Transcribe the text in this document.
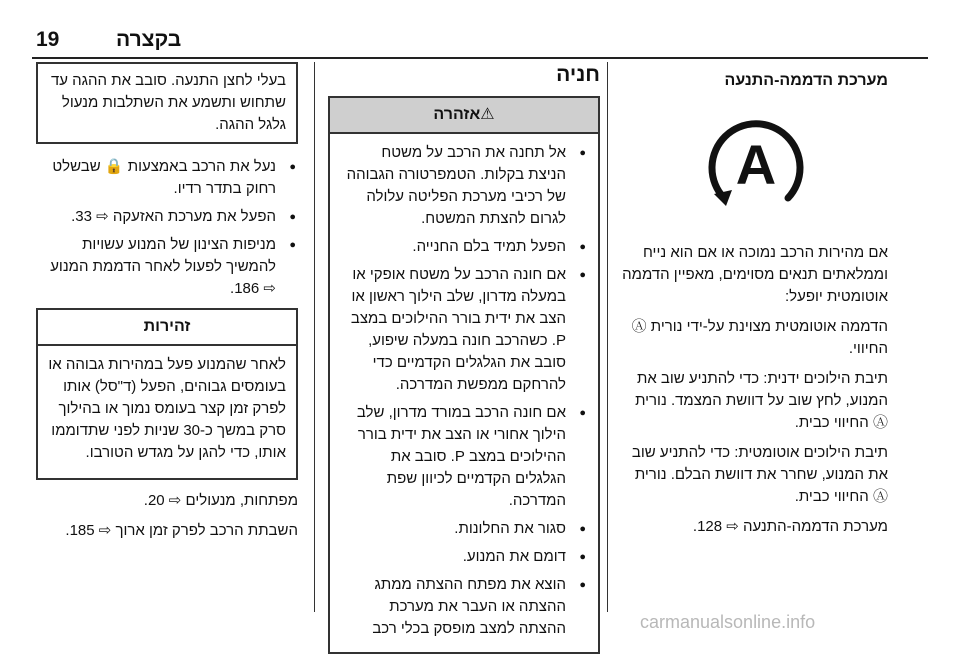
19	בקצרה
מערכת הדממה-התנעה
A

אם מהירות הרכב נמוכה או אם הוא נייח וממלאתים תנאים מסוימים, מאפיין הדממה אוטומטית יופעל:

הדממה אוטומטית מצוינת על-ידי נורית Ⓐ החיווי.

תיבת הילוכים ידנית: כדי להתניע שוב את המנוע, לחץ שוב על דוושת המצמד. נורית Ⓐ החיווי כבית.

תיבת הילוכים אוטומטית: כדי להתניע שוב את המנוע, שחרר את דוושת הבלם. נורית Ⓐ החיווי כבית.

מערכת הדממה-התנעה ⇨ 128.

חניה
⚠אזהרה
● אל תחנה את הרכב על משטח הניצת בקלות. הטמפרטורה הגבוהה של רכיבי מערכת הפליטה עלולה לגרום להצתת המשטח.
● הפעל תמיד בלם החנייה.
● אם חונה הרכב על משטח אופקי או במעלה מדרון, שלב הילוך ראשון או הצב את ידית בורר ההילוכים במצב P. כשהרכב חונה במעלה שיפוע, סובב את הגלגלים הקדמיים כדי להרחקם ממפשת המדרכה.
● אם חונה הרכב במורד מדרון, שלב הילוך אחורי או הצב את ידית בורר ההילוכים במצב P. סובב את הגלגלים הקדמיים לכיוון שפת המדרכה.
● סגור את החלונות.
● דומם את המנוע.
● הוצא את מפתח ההצתה ממתג ההצתה או העבר את מערכת ההצתה למצב מופסק בכלי רכב
בעלי לחצן התנעה. סובב את ההגה עד שתחוש ותשמע את השתלבות מנעול גלגל ההגה.
● נעל את הרכב באמצעות 🔒 שבשלט רחוק בתדר רדיו.
● הפעל את מערכת האזעקה ⇨ 33.
● מניפות הצינון של המנוע עשויות להמשיך לפעול לאחר הדממת המנוע ⇨ 186.
זהירות

לאחר שהמנוע פעל במהירות גבוהה או בעומסים גבוהים, הפעל (ד"סל) אותו לפרק זמן קצר בעומס נמוך או בהילוך סרק במשך כ-30 שניות לפני שתדוממו אותו, כדי להגן על מגדש הטורבו.

מפתחות, מנעולים ⇨ 20.

השבתת הרכב לפרק זמן ארוך ⇨ 185.

carmanualsonline.info
